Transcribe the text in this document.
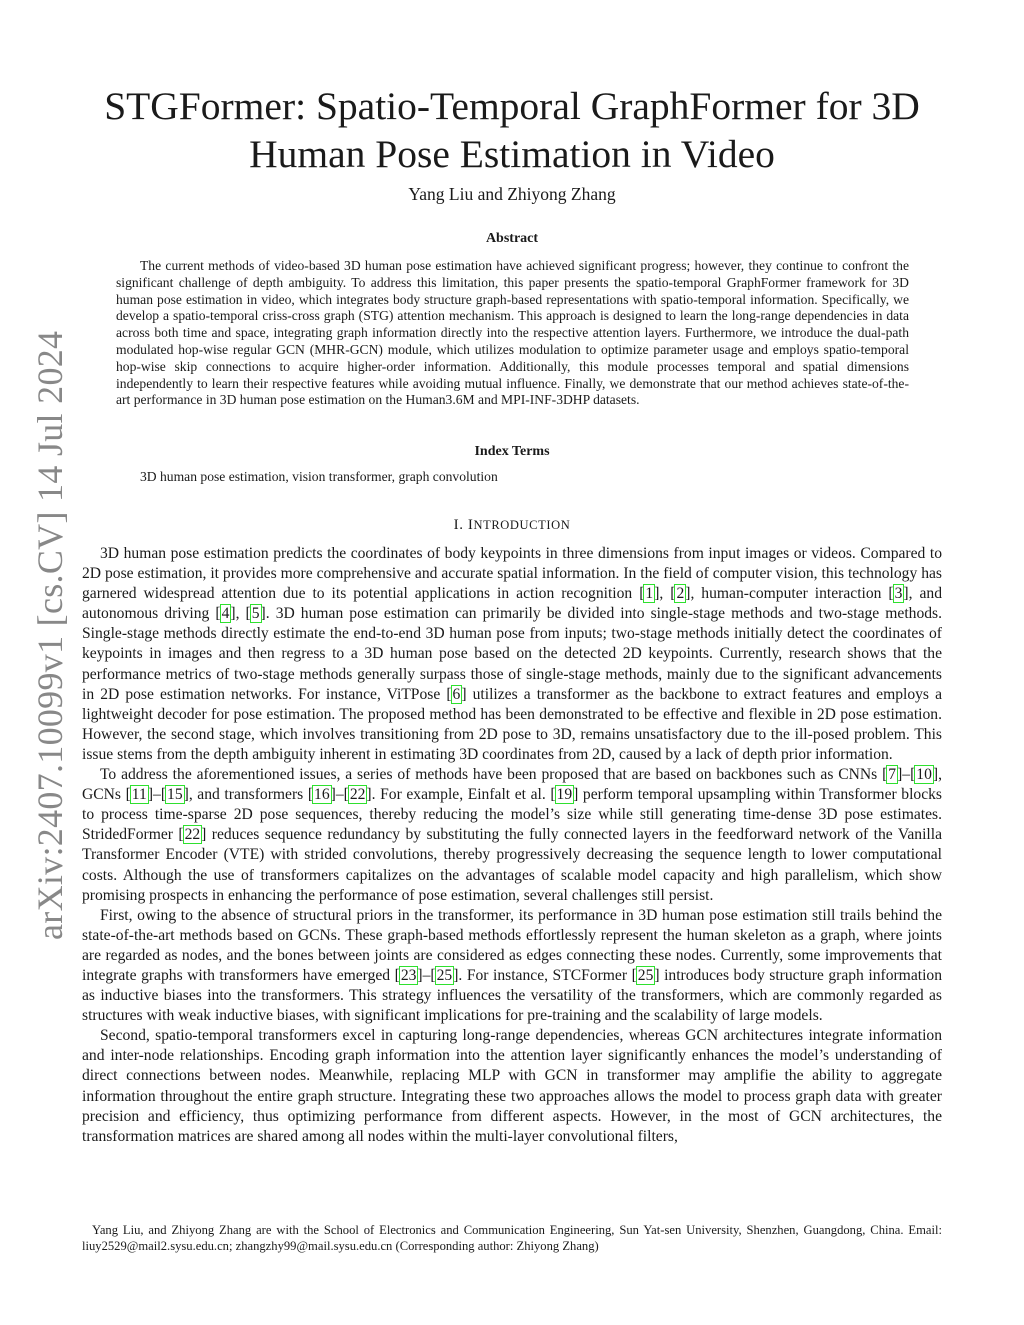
arXiv:2407.10099v1 [cs.CV] 14 Jul 2024
STGFormer: Spatio-Temporal GraphFormer for 3D Human Pose Estimation in Video
Yang Liu and Zhiyong Zhang
Abstract

The current methods of video-based 3D human pose estimation have achieved significant progress; however, they continue to confront the significant challenge of depth ambiguity. To address this limitation, this paper presents the spatio-temporal GraphFormer framework for 3D human pose estimation in video, which integrates body structure graph-based representations with spatio-temporal information. Specifically, we develop a spatio-temporal criss-cross graph (STG) attention mechanism. This approach is designed to learn the long-range dependencies in data across both time and space, integrating graph information directly into the respective attention layers. Furthermore, we introduce the dual-path modulated hop-wise regular GCN (MHR-GCN) module, which utilizes modulation to optimize parameter usage and employs spatio-temporal hop-wise skip connections to acquire higher-order information. Additionally, this module processes temporal and spatial dimensions independently to learn their respective features while avoiding mutual influence. Finally, we demonstrate that our method achieves state-of-the-art performance in 3D human pose estimation on the Human3.6M and MPI-INF-3DHP datasets.

Index Terms
3D human pose estimation, vision transformer, graph convolution
I. INTRODUCTION

3D human pose estimation predicts the coordinates of body keypoints in three dimensions from input images or videos. Compared to 2D pose estimation, it provides more comprehensive and accurate spatial information. In the field of computer vision, this technology has garnered widespread attention due to its potential applications in action recognition [1], [2], human-computer interaction [3], and autonomous driving [4], [5]. 3D human pose estimation can primarily be divided into single-stage methods and two-stage methods. Single-stage methods directly estimate the end-to-end 3D human pose from inputs; two-stage methods initially detect the coordinates of keypoints in images and then regress to a 3D human pose based on the detected 2D keypoints. Currently, research shows that the performance metrics of two-stage methods generally surpass those of single-stage methods, mainly due to the significant advancements in 2D pose estimation networks. For instance, ViTPose [6] utilizes a transformer as the backbone to extract features and employs a lightweight decoder for pose estimation. The proposed method has been demonstrated to be effective and flexible in 2D pose estimation. However, the second stage, which involves transitioning from 2D pose to 3D, remains unsatisfactory due to the ill-posed problem. This issue stems from the depth ambiguity inherent in estimating 3D coordinates from 2D, caused by a lack of depth prior information.

To address the aforementioned issues, a series of methods have been proposed that are based on backbones such as CNNs [7]–[10], GCNs [11]–[15], and transformers [16]–[22]. For example, Einfalt et al. [19] perform temporal upsampling within Transformer blocks to process time-sparse 2D pose sequences, thereby reducing the model’s size while still generating time-dense 3D pose estimates. StridedFormer [22] reduces sequence redundancy by substituting the fully connected layers in the feedforward network of the Vanilla Transformer Encoder (VTE) with strided convolutions, thereby progressively decreasing the sequence length to lower computational costs. Although the use of transformers capitalizes on the advantages of scalable model capacity and high parallelism, which show promising prospects in enhancing the performance of pose estimation, several challenges still persist.

First, owing to the absence of structural priors in the transformer, its performance in 3D human pose estimation still trails behind the state-of-the-art methods based on GCNs. These graph-based methods effortlessly represent the human skeleton as a graph, where joints are regarded as nodes, and the bones between joints are considered as edges connecting these nodes. Currently, some improvements that integrate graphs with transformers have emerged [23]–[25]. For instance, STCFormer [25] introduces body structure graph information as inductive biases into the transformers. This strategy influences the versatility of the transformers, which are commonly regarded as structures with weak inductive biases, with significant implications for pre-training and the scalability of large models.

Second, spatio-temporal transformers excel in capturing long-range dependencies, whereas GCN architectures integrate information and inter-node relationships. Encoding graph information into the attention layer significantly enhances the model’s understanding of direct connections between nodes. Meanwhile, replacing MLP with GCN in transformer may amplifie the ability to aggregate information throughout the entire graph structure. Integrating these two approaches allows the model to process graph data with greater precision and efficiency, thus optimizing performance from different aspects. However, in the most of GCN architectures, the transformation matrices are shared among all nodes within the multi-layer convolutional filters,

Yang Liu, and Zhiyong Zhang are with the School of Electronics and Communication Engineering, Sun Yat-sen University, Shenzhen, Guangdong, China. Email: liuy2529@mail2.sysu.edu.cn; zhangzhy99@mail.sysu.edu.cn (Corresponding author: Zhiyong Zhang)
